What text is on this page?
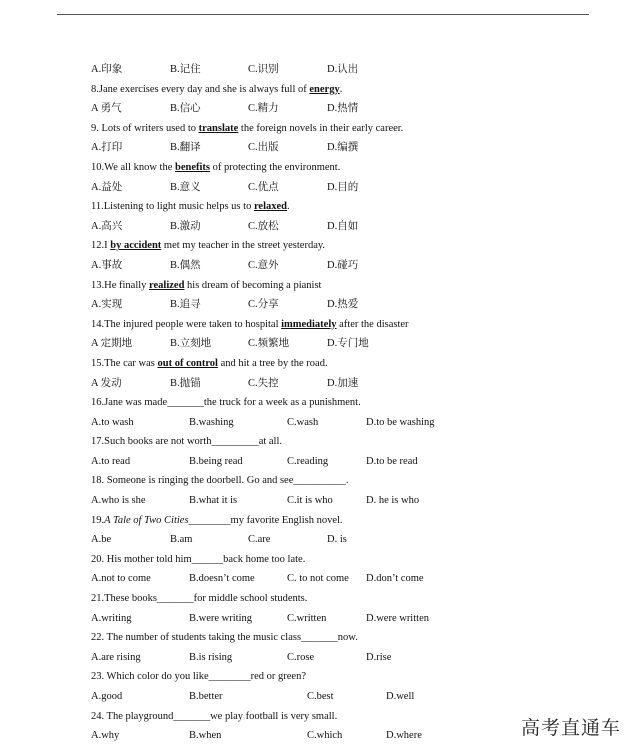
A.印象	B.记住	C.识别	D.认出
8.Jane exercises every day and she is always full of energy.
A 勇气	B.信心	C.精力	D.热情
9. Lots of writers used to translate the foreign novels in their early career.
A.打印	B.翻译	C.出版	D.编撰
10.We all know the benefits of protecting the environment.
A.益处	B.意义	C.优点	D.目的
11.Listening to light music helps us to relaxed.
A.高兴	B.激动	C.放松	D.自如
12.I by accident met my teacher in the street yesterday.
A.事故	B.偶然	C.意外	D.碰巧
13.He finally realized his dream of becoming a pianist
A.实现	B.追寻	C.分享	D.热爱
14.The injured people were taken to hospital immediately after the disaster
A 定期地	B.立刻地	C.频繁地	D.专门地
15.The car was out of control and hit a tree by the road.
A 发动	B.抛锚	C.失控	D.加速
16.Jane was made_______the truck for a week as a punishment.
A.to wash	B.washing	C.wash	D.to be washing
17.Such books are not worth_________at all.
A.to read	B.being read	C.reading	D.to be read
18. Someone is ringing the doorbell. Go and see__________.
A.who is she	B.what it is	C.it is who	D. he is who
19.A Tale of Two Cities________my favorite English novel.
A.be	B.am	C.are	D. is
20. His mother told him______back home too late.
A.not to come	B.doesn’t come	C. to not come D.don’t come
21.These books_______for middle school students.
A.writing	B.were writing	C.written	D.were written
22. The number of students taking the music class_______now.
A.are rising	B.is rising	C.rose	D.rise
23. Which color do you like________red or green?
A.good	B.better	C.best	D.well
24. The playground_______we play football is very small.
A.why	B.when	C.which	D.where	高考直通车
